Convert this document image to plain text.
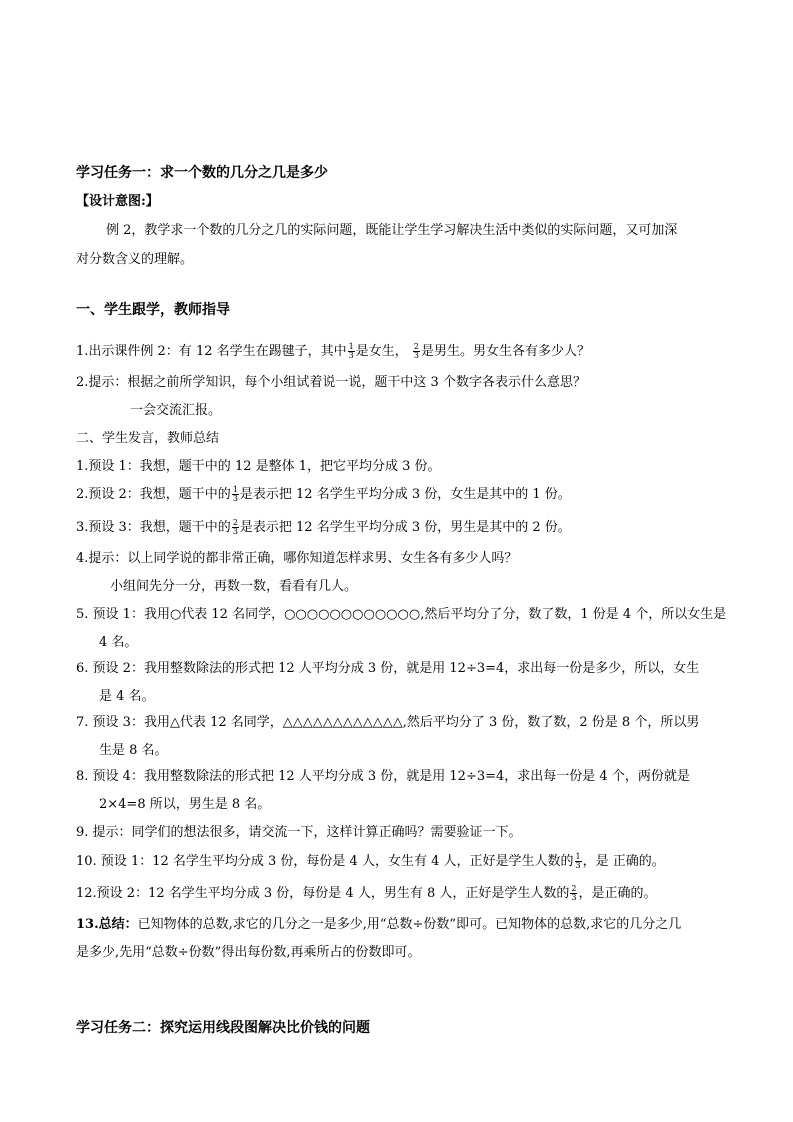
学习任务一：求一个数的几分之几是多少
【设计意图:】
例 2，教学求一个数的几分之几的实际问题，既能让学生学习解决生活中类似的实际问题，又可加深
对分数含义的理解。
一、学生跟学，教师指导
1.出示课件例 2：有 12 名学生在踢毽子，其中 $\frac{1}{3}$ 是女生， $\frac{2}{3}$ 是男生。男女生各有多少人？
2.提示：根据之前所学知识，每个小组试着说一说，题干中这 3 个数字各表示什么意思？
一会交流汇报。
二、学生发言，教师总结
1.预设 1：我想，题干中的 12 是整体 1，把它平均分成 3 份。
2.预设 2：我想，题干中的 $\frac{1}{3}$ 是表示把 12 名学生平均分成 3 份，女生是其中的 1 份。
3.预设 3：我想，题干中的 $\frac{2}{3}$ 是表示把 12 名学生平均分成 3 份，男生是其中的 2 份。
4.提示：以上同学说的都非常正确，哪你知道怎样求男、女生各有多少人吗？
小组间先分一分，再数一数，看看有几人。
5. 预设 1：我用○代表 12 名同学，○○○○○○○○○○○○,然后平均分了分，数了数，1 份是 4 个，所以女生是
4 名。
6. 预设 2：我用整数除法的形式把 12 人平均分成 3 份，就是用 12÷3=4，求出每一份是多少，所以，女生
是 4 名。
7. 预设 3：我用△代表 12 名同学，△△△△△△△△△△△△,然后平均分了 3 份，数了数，2 份是 8 个，所以男
生是 8 名。
8. 预设 4：我用整数除法的形式把 12 人平均分成 3 份，就是用 12÷3=4，求出每一份是 4 个，两份就是
2×4=8 所以，男生是 8 名。
9. 提示：同学们的想法很多，请交流一下，这样计算正确吗？需要验证一下。
10. 预设 1：12 名学生平均分成 3 份，每份是 4 人，女生有 4 人，正好是学生人数的 $\frac{1}{3}$ ，是 正确的。
12.预设 2：12 名学生平均分成 3 份，每份是 4 人，男生有 8 人，正好是学生人数的 $\frac{2}{3}$ ，是正确的。
13.总结：已知物体的总数,求它的几分之一是多少,用“总数÷份数”即可。已知物体的总数,求它的几分之几
是多少,先用“总数÷份数”得出每份数,再乘所占的份数即可。
学习任务二：探究运用线段图解决比价钱的问题
